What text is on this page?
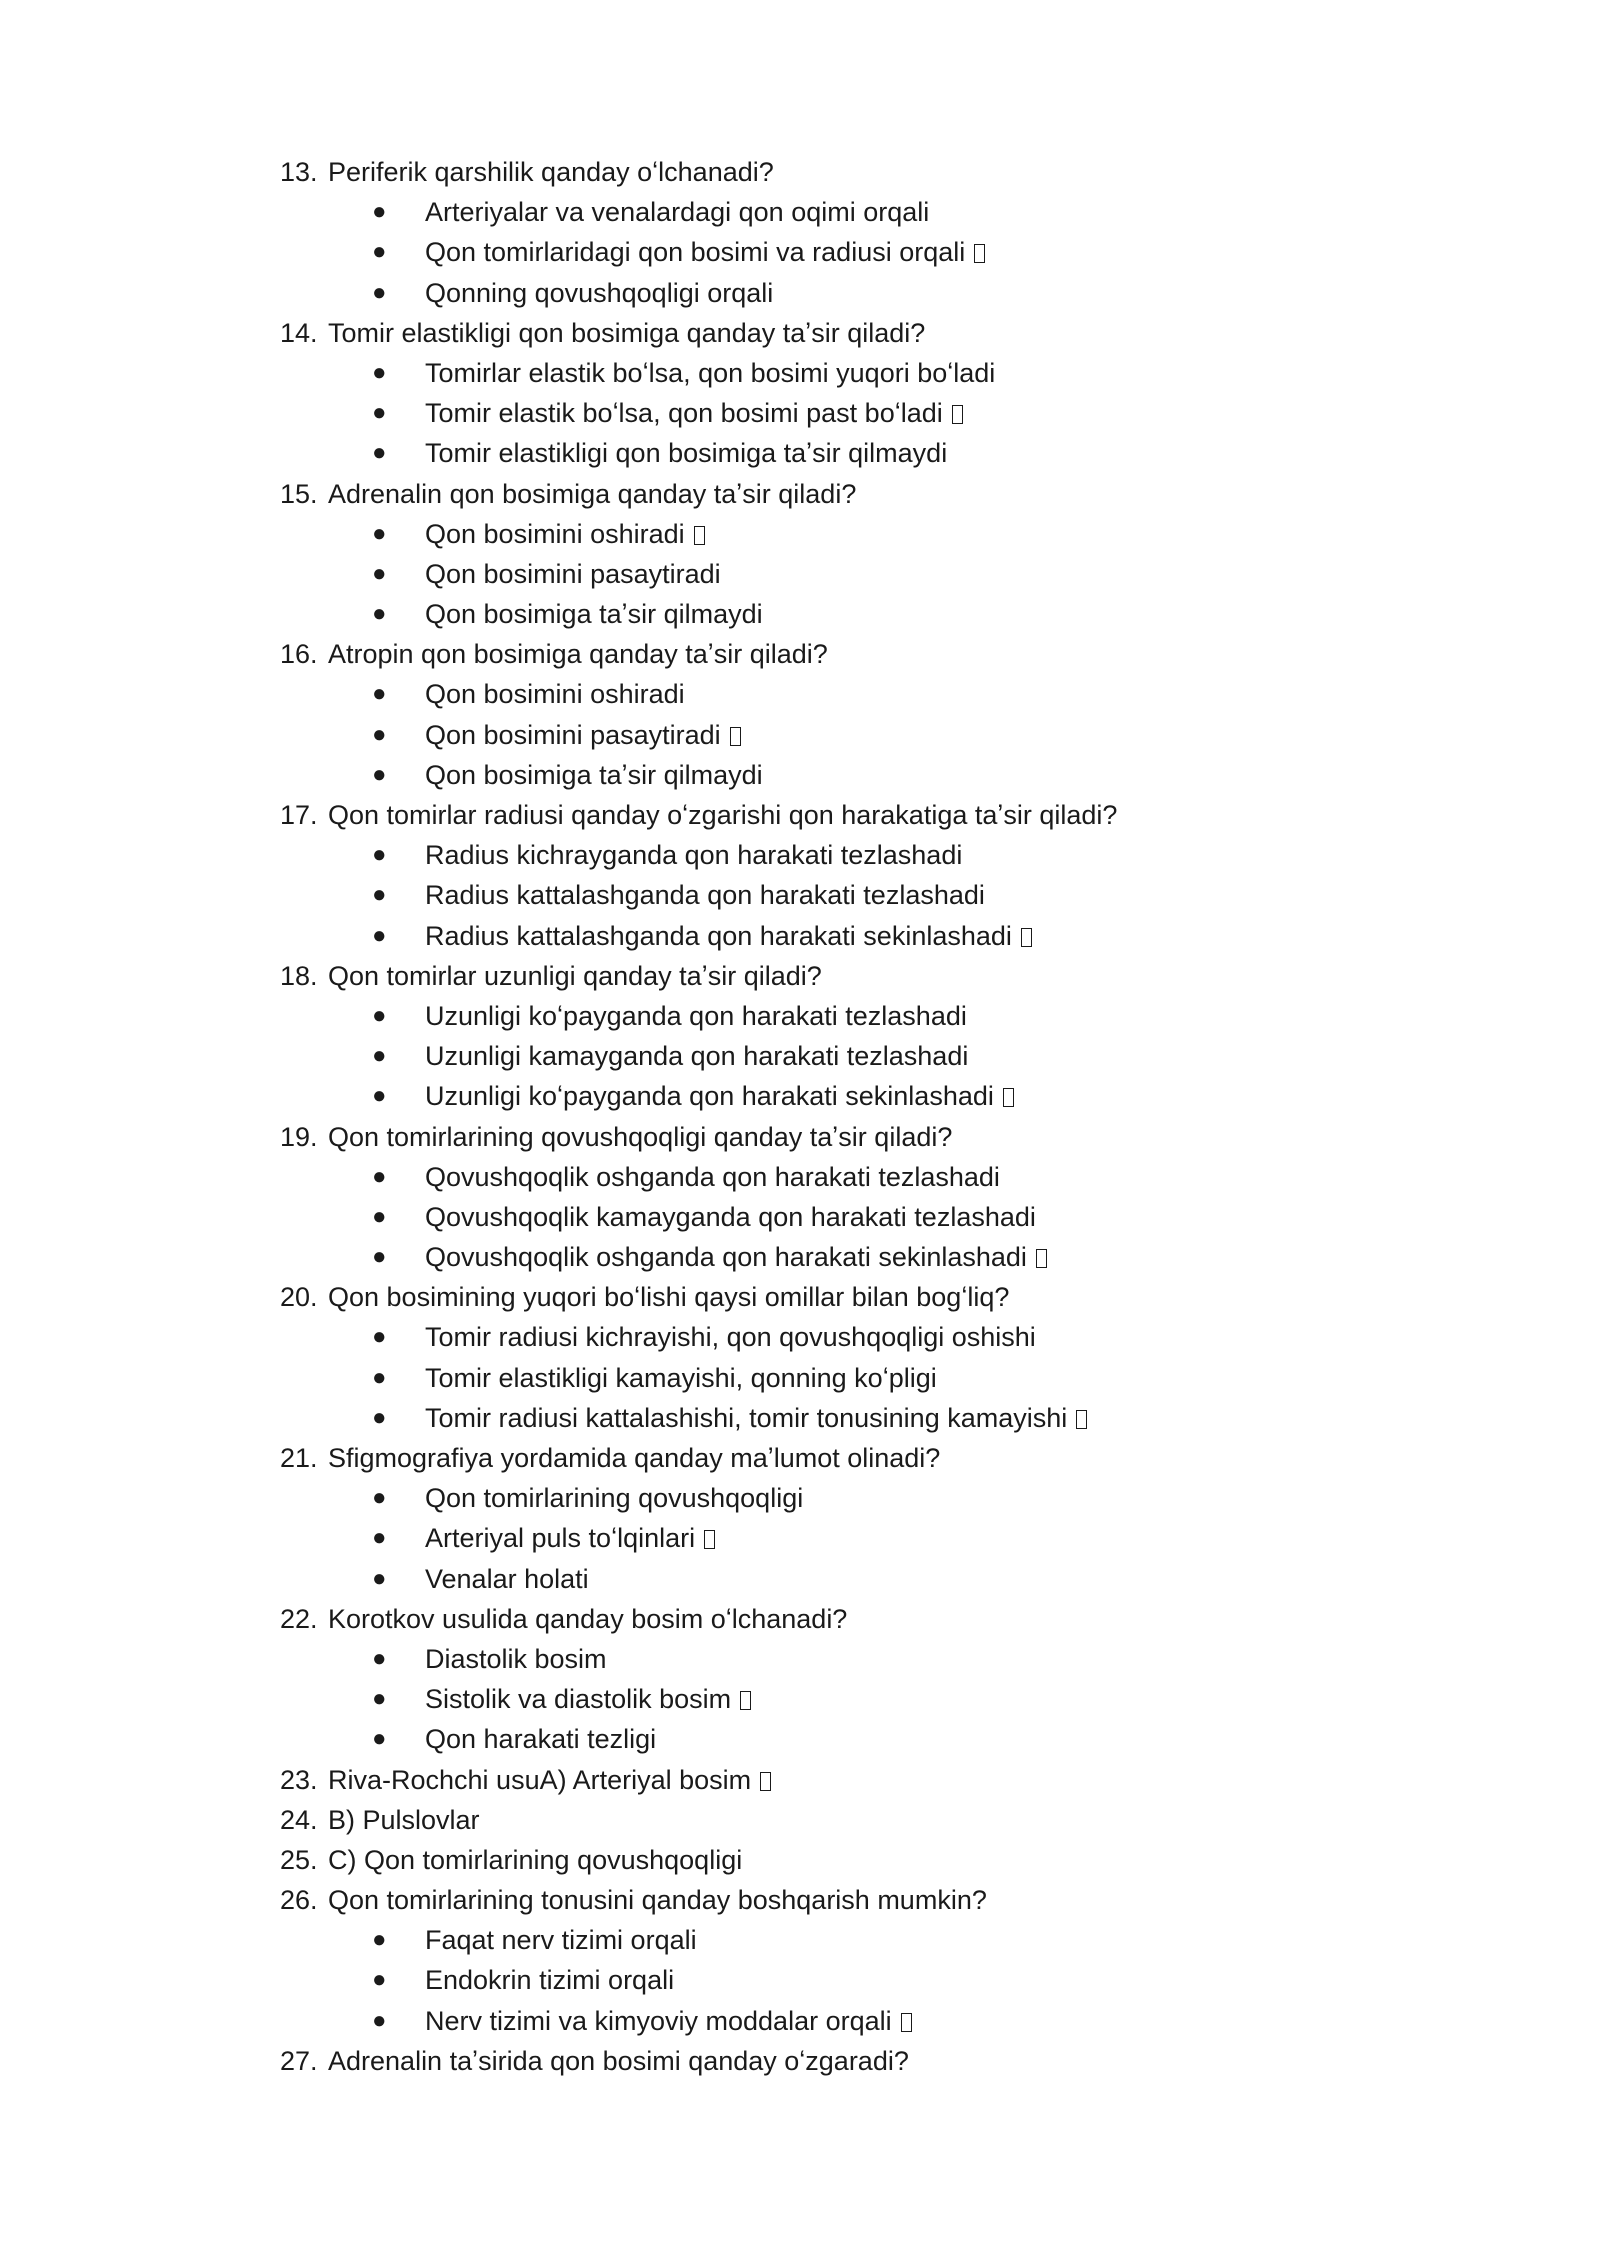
13. Periferik qarshilik qanday oʻlchanadi?
● Arteriyalar va venalardagi qon oqimi orqali
● Qon tomirlaridagi qon bosimi va radiusi orqali
● Qonning qovushqoqligi orqali
14. Tomir elastikligi qon bosimiga qanday taʼsir qiladi?
● Tomirlar elastik boʻlsa, qon bosimi yuqori boʻladi
● Tomir elastik boʻlsa, qon bosimi past boʻladi
● Tomir elastikligi qon bosimiga taʼsir qilmaydi
15. Adrenalin qon bosimiga qanday taʼsir qiladi?
● Qon bosimini oshiradi
● Qon bosimini pasaytiradi
● Qon bosimiga taʼsir qilmaydi
16. Atropin qon bosimiga qanday taʼsir qiladi?
● Qon bosimini oshiradi
● Qon bosimini pasaytiradi
● Qon bosimiga taʼsir qilmaydi
17. Qon tomirlar radiusi qanday oʻzgarishi qon harakatiga taʼsir qiladi?
● Radius kichrayganda qon harakati tezlashadi
● Radius kattalashganda qon harakati tezlashadi
● Radius kattalashganda qon harakati sekinlashadi
18. Qon tomirlar uzunligi qanday taʼsir qiladi?
● Uzunligi koʻpayganda qon harakati tezlashadi
● Uzunligi kamayganda qon harakati tezlashadi
● Uzunligi koʻpayganda qon harakati sekinlashadi
19. Qon tomirlarining qovushqoqligi qanday taʼsir qiladi?
● Qovushqoqlik oshganda qon harakati tezlashadi
● Qovushqoqlik kamayganda qon harakati tezlashadi
● Qovushqoqlik oshganda qon harakati sekinlashadi
20. Qon bosimining yuqori boʻlishi qaysi omillar bilan bogʻliq?
● Tomir radiusi kichrayishi, qon qovushqoqligi oshishi
● Tomir elastikligi kamayishi, qonning koʻpligi
● Tomir radiusi kattalashishi, tomir tonusining kamayishi
21. Sfigmografiya yordamida qanday maʼlumot olinadi?
● Qon tomirlarining qovushqoqligi
● Arteriyal puls toʻlqinlari
● Venalar holati
22. Korotkov usulida qanday bosim oʻlchanadi?
● Diastolik bosim
● Sistolik va diastolik bosim
● Qon harakati tezligi
23. Riva-Rochchi usuA) Arteriyal bosim
24. B) Pulslovlar
25. C) Qon tomirlarining qovushqoqligi
26. Qon tomirlarining tonusini qanday boshqarish mumkin?
● Faqat nerv tizimi orqali
● Endokrin tizimi orqali
● Nerv tizimi va kimyoviy moddalar orqali
27. Adrenalin taʼsirida qon bosimi qanday oʻzgaradi?
